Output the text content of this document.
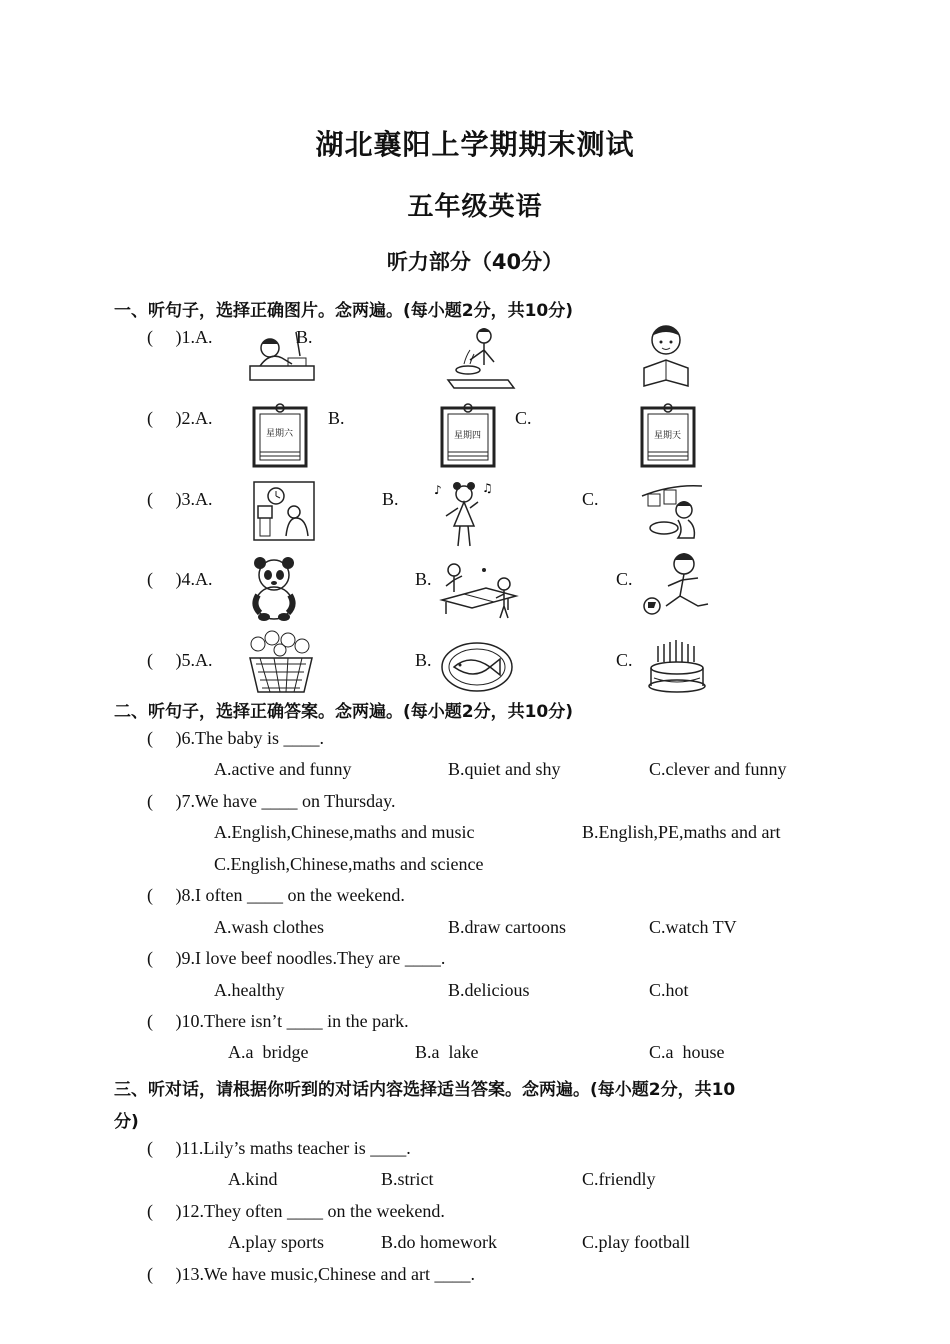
湖北襄阳上学期期末测试
五年级英语
听力部分（40分）
一、听句子，选择正确图片。念两遍。(每小题2分，共10分)
(     )1.A.	B.
(     )2.A.
星期六
B.
星期四
C.
星期天
(     )3.A.	B.	♪	♫
C.
(     )4.A.	B.	C.
(     )5.A.	B.	C.
二、听句子，选择正确答案。念两遍。(每小题2分，共10分)
(     )6.The baby is ____.
A.active and funny	B.quiet and shy	C.clever and funny
(     )7.We have ____ on Thursday.
A.English,Chinese,maths and music	B.English,PE,maths and art
C.English,Chinese,maths and science
(     )8.I often ____ on the weekend.
A.wash clothes	B.draw cartoons	C.watch TV
(     )9.I love beef noodles.They are ____.
A.healthy	B.delicious	C.hot
(     )10.There isn’t ____ in the park.
A.a  bridge	B.a  lake	C.a  house
三、听对话，请根据你听到的对话内容选择适当答案。念两遍。(每小题2分，共10
分)
(     )11.Lily’s maths teacher is ____.
A.kind	B.strict	C.friendly
(     )12.They often ____ on the weekend.
A.play sports	B.do homework	C.play football
(     )13.We have music,Chinese and art ____.
